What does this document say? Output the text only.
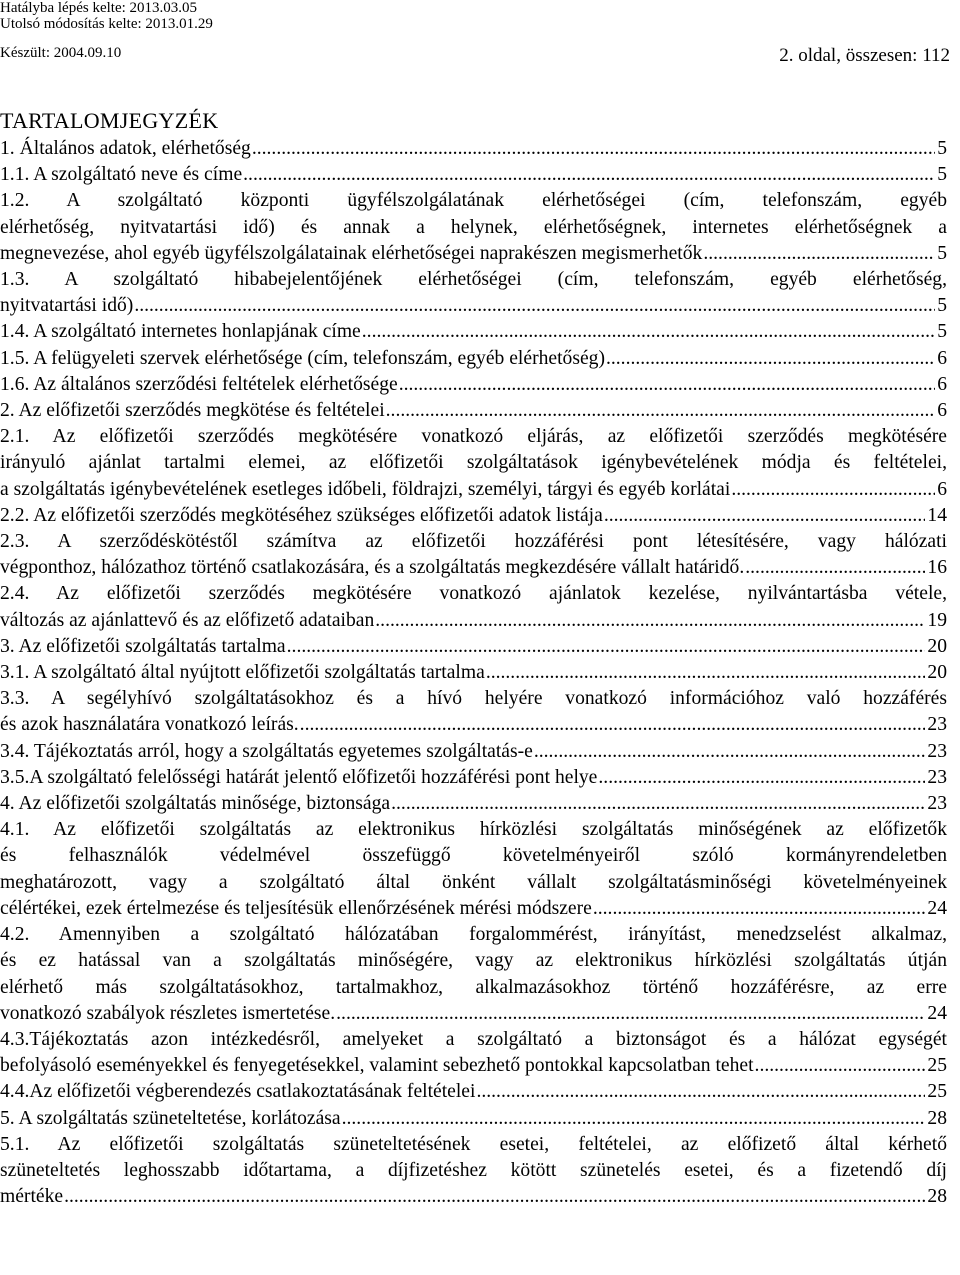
Hatályba lépés kelte: 2013.03.05
Utolsó módosítás kelte: 2013.01.29
Készült: 2004.09.10	2. oldal, összesen: 112
TARTALOMJEGYZÉK
1. Általános adatok, elérhetőség .....	5
1.1. A szolgáltató neve és címe .....	5
1.2. A szolgáltató központi ügyfélszolgálatának elérhetőségei (cím, telefonszám, egyéb
elérhetőség, nyitvatartási idő) és annak a helynek, elérhetőségnek, internetes elérhetőségnek a
megnevezése, ahol egyéb ügyfélszolgálatainak elérhetőségei naprakészen megismerhetők .....	5
1.3. A szolgáltató hibabejelentőjének elérhetőségei (cím, telefonszám, egyéb elérhetőség,
nyitvatartási idő) .....	5
1.4. A szolgáltató internetes honlapjának címe .....	5
1.5. A felügyeleti szervek elérhetősége (cím, telefonszám, egyéb elérhetőség) .....	6
1.6. Az általános szerződési feltételek elérhetősége .....	6
2. Az előfizetői szerződés megkötése és feltételei .....	6
2.1. Az előfizetői szerződés megkötésére vonatkozó eljárás, az előfizetői szerződés megkötésére
irányuló ajánlat tartalmi elemei, az előfizetői szolgáltatások igénybevételének módja és feltételei,
a szolgáltatás igénybevételének esetleges időbeli, földrajzi, személyi, tárgyi és egyéb korlátai .....	6
2.2. Az előfizetői szerződés megkötéséhez szükséges előfizetői adatok listája .....	14
2.3. A szerződéskötéstől számítva az előfizetői hozzáférési pont létesítésére, vagy hálózati
végponthoz, hálózathoz történő csatlakozására, és a szolgáltatás megkezdésére vállalt határidő. .....	16
2.4. Az előfizetői szerződés megkötésére vonatkozó ajánlatok kezelése, nyilvántartásba vétele,
változás az ajánlattevő és az előfizető adataiban .....	19
3. Az előfizetői szolgáltatás tartalma .....	20
3.1. A szolgáltató által nyújtott előfizetői szolgáltatás tartalma .....	20
3.3. A segélyhívó szolgáltatásokhoz és a hívó helyére vonatkozó információhoz való hozzáférés
és azok használatára vonatkozó leírás. .....	23
3.4. Tájékoztatás arról, hogy a szolgáltatás egyetemes szolgáltatás-e .....	23
3.5.A szolgáltató felelősségi határát jelentő előfizetői hozzáférési pont helye .....	23
4. Az előfizetői szolgáltatás minősége, biztonsága .....	23
4.1. Az előfizetői szolgáltatás az elektronikus hírközlési szolgáltatás minőségének az előfizetők
és felhasználók védelmével összefüggő követelményeiről szóló kormányrendeletben
meghatározott, vagy a szolgáltató által önként vállalt szolgáltatásminőségi követelményeinek
célértékei, ezek értelmezése és teljesítésük ellenőrzésének mérési módszere .....	24
4.2. Amennyiben a szolgáltató hálózatában forgalommérést, irányítást, menedzselést alkalmaz,
és ez hatással van a szolgáltatás minőségére, vagy az elektronikus hírközlési szolgáltatás útján
elérhető más szolgáltatásokhoz, tartalmakhoz, alkalmazásokhoz történő hozzáférésre, az erre
vonatkozó szabályok részletes ismertetése. .....	24
4.3.Tájékoztatás azon intézkedésről, amelyeket a szolgáltató a biztonságot és a hálózat egységét
befolyásoló eseményekkel és fenyegetésekkel, valamint sebezhető pontokkal kapcsolatban tehet .....	25
4.4.Az előfizetői végberendezés csatlakoztatásának feltételei .....	25
5. A szolgáltatás szüneteltetése, korlátozása .....	28
5.1. Az előfizetői szolgáltatás szüneteltetésének esetei, feltételei, az előfizető által kérhető
szüneteltetés leghosszabb időtartama, a díjfizetéshez kötött szünetelés esetei, és a fizetendő díj
mértéke .....	28
